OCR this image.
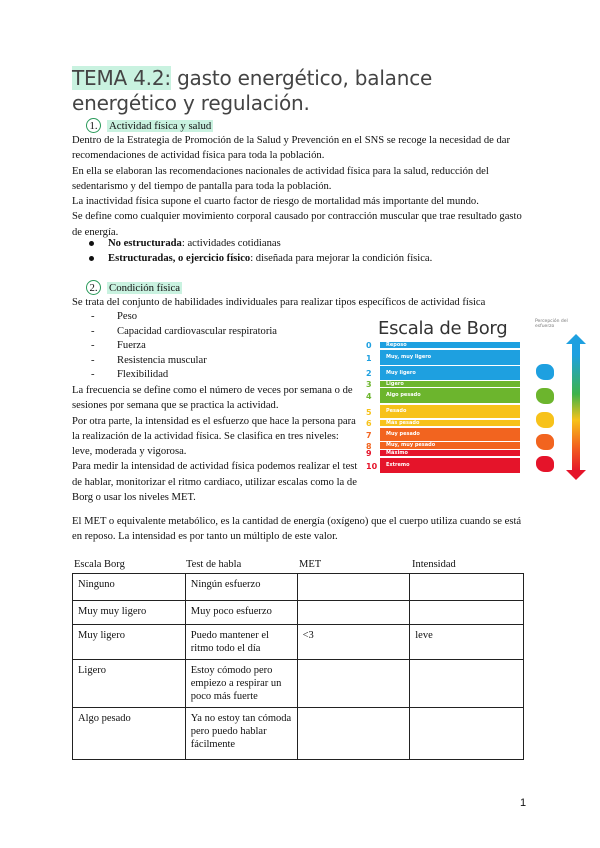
TEMA 4.2: gasto energético, balance energético y regulación.
1. Actividad física y salud
Dentro de la Estrategia de Promoción de la Salud y Prevención en el SNS se recoge la necesidad de dar recomendaciones de actividad física para toda la población.
En ella se elaboran las recomendaciones nacionales de actividad física para la salud, reducción del sedentarismo y del tiempo de pantalla para toda la población.
La inactividad física supone el cuarto factor de riesgo de mortalidad más importante del mundo.
Se define como cualquier movimiento corporal causado por contracción muscular que trae resultado gasto de energía.
No estructurada: actividades cotidianas
Estructuradas, o ejercicio físico: diseñada para mejorar la condición física.
2. Condición física
Se trata del conjunto de habilidades individuales para realizar tipos específicos de actividad física
- Peso
- Capacidad cardiovascular respiratoria
- Fuerza
- Resistencia muscular
- Flexibilidad
La frecuencia se define como el número de veces por semana o de sesiones por semana que se practica la actividad.
Por otra parte, la intensidad es el esfuerzo que hace la persona para la realización de la actividad física. Se clasifica en tres niveles: leve, moderada y vigorosa.
Para medir la intensidad de actividad física podemos realizar el test de hablar, monitorizar el ritmo cardiaco, utilizar escalas como la de Borg o usar los niveles MET.
Escala de Borg	Percepción del esfuerzo
0	Reposo
1	Muy, muy ligero
2	Muy ligero
3	Ligero
4	Algo pesado
5	Pesado
6	Más pesado
7	Muy pesado
8	Muy, muy pesado
9	Máximo
10 Extremo
El MET o equivalente metabólico, es la cantidad de energía (oxígeno) que el cuerpo utiliza cuando se está en reposo. La intensidad es por tanto un múltiplo de este valor.
Escala Borg	Test de habla	MET	Intensidad
Ninguno	Ningún esfuerzo		
Muy muy ligero	Muy poco esfuerzo		
Muy ligero	Puedo mantener el ritmo todo el día	<3	leve
Ligero	Estoy cómodo pero empiezo a respirar un poco más fuerte		
Algo pesado	Ya no estoy tan cómoda pero puedo hablar fácilmente		
1
